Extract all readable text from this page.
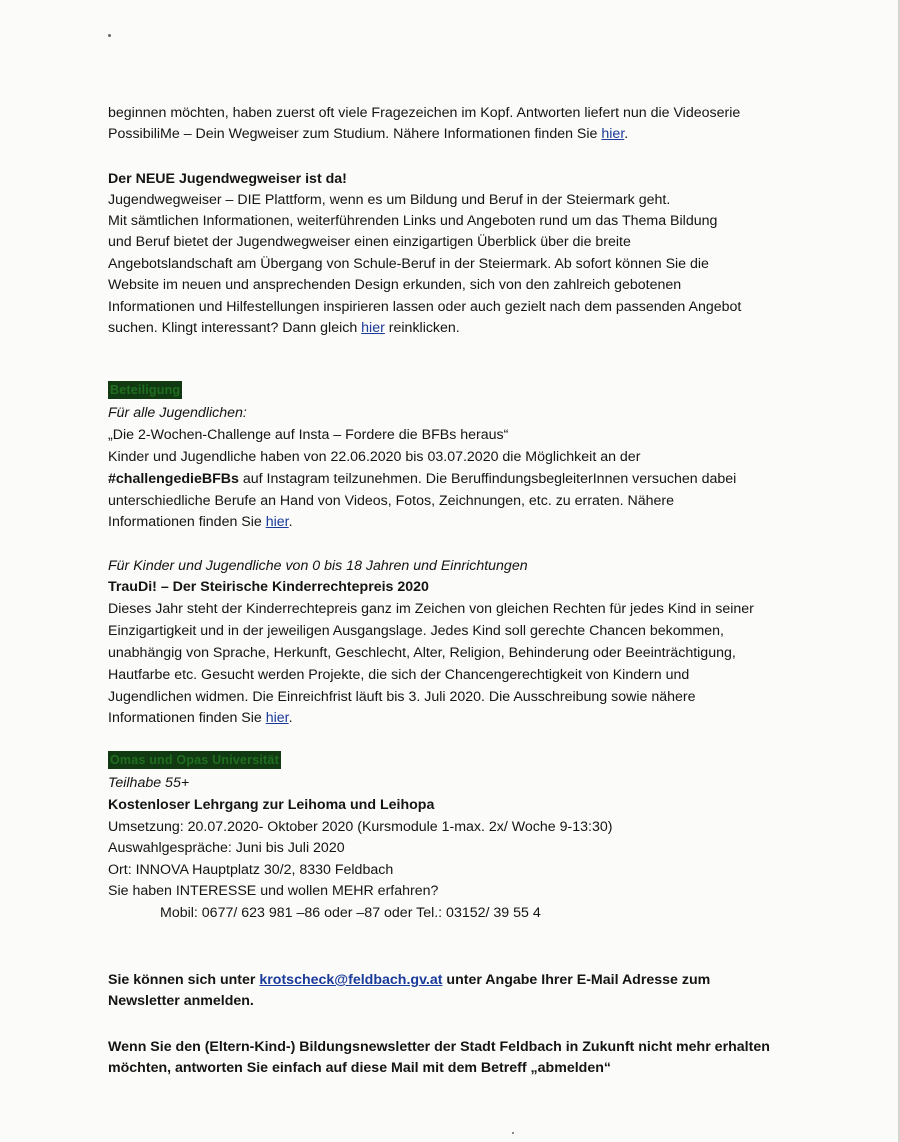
beginnen möchten, haben zuerst oft viele Fragezeichen im Kopf. Antworten liefert nun die Videoserie

PossibiliMe – Dein Wegweiser zum Studium. Nähere Informationen finden Sie hier.

Der NEUE Jugendwegweiser ist da!

Jugendwegweiser – DIE Plattform, wenn es um Bildung und Beruf in der Steiermark geht.

Mit sämtlichen Informationen, weiterführenden Links und Angeboten rund um das Thema Bildung

und Beruf bietet der Jugendwegweiser einen einzigartigen Überblick über die breite

Angebotslandschaft am Übergang von Schule-Beruf in der Steiermark. Ab sofort können Sie die

Website im neuen und ansprechenden Design erkunden, sich von den zahlreich gebotenen

Informationen und Hilfestellungen inspirieren lassen oder auch gezielt nach dem passenden Angebot

suchen. Klingt interessant? Dann gleich hier reinklicken.

Beteiligung

Für alle Jugendlichen:

„Die 2-Wochen-Challenge auf Insta – Fordere die BFBs heraus“

Kinder und Jugendliche haben von 22.06.2020 bis 03.07.2020 die Möglichkeit an der

#challengedieBFBs auf Instagram teilzunehmen. Die BeruffindungsbegleiterInnen versuchen dabei

unterschiedliche Berufe an Hand von Videos, Fotos, Zeichnungen, etc. zu erraten. Nähere

Informationen finden Sie hier.

Für Kinder und Jugendliche von 0 bis 18 Jahren und Einrichtungen

TrauDi! – Der Steirische Kinderrechtepreis 2020

Dieses Jahr steht der Kinderrechtepreis ganz im Zeichen von gleichen Rechten für jedes Kind in seiner

Einzigartigkeit und in der jeweiligen Ausgangslage. Jedes Kind soll gerechte Chancen bekommen,

unabhängig von Sprache, Herkunft, Geschlecht, Alter, Religion, Behinderung oder Beeinträchtigung,

Hautfarbe etc. Gesucht werden Projekte, die sich der Chancengerechtigkeit von Kindern und

Jugendlichen widmen. Die Einreichfrist läuft bis 3. Juli 2020. Die Ausschreibung sowie nähere

Informationen finden Sie hier.

Omas und Opas Universität

Teilhabe 55+

Kostenloser Lehrgang zur Leihoma und Leihopa

Umsetzung: 20.07.2020- Oktober 2020 (Kursmodule 1-max. 2x/ Woche 9-13:30)

Auswahlgespräche: Juni bis Juli 2020

Ort: INNOVA Hauptplatz 30/2, 8330 Feldbach

Sie haben INTERESSE und wollen MEHR erfahren?

Mobil: 0677/ 623 981 –86 oder –87 oder Tel.: 03152/ 39 55 4

Sie können sich unter krotscheck@feldbach.gv.at unter Angabe Ihrer E-Mail Adresse zum

Newsletter anmelden.

Wenn Sie den (Eltern-Kind-) Bildungsnewsletter der Stadt Feldbach in Zukunft nicht mehr erhalten

möchten, antworten Sie einfach auf diese Mail mit dem Betreff „abmelden“
